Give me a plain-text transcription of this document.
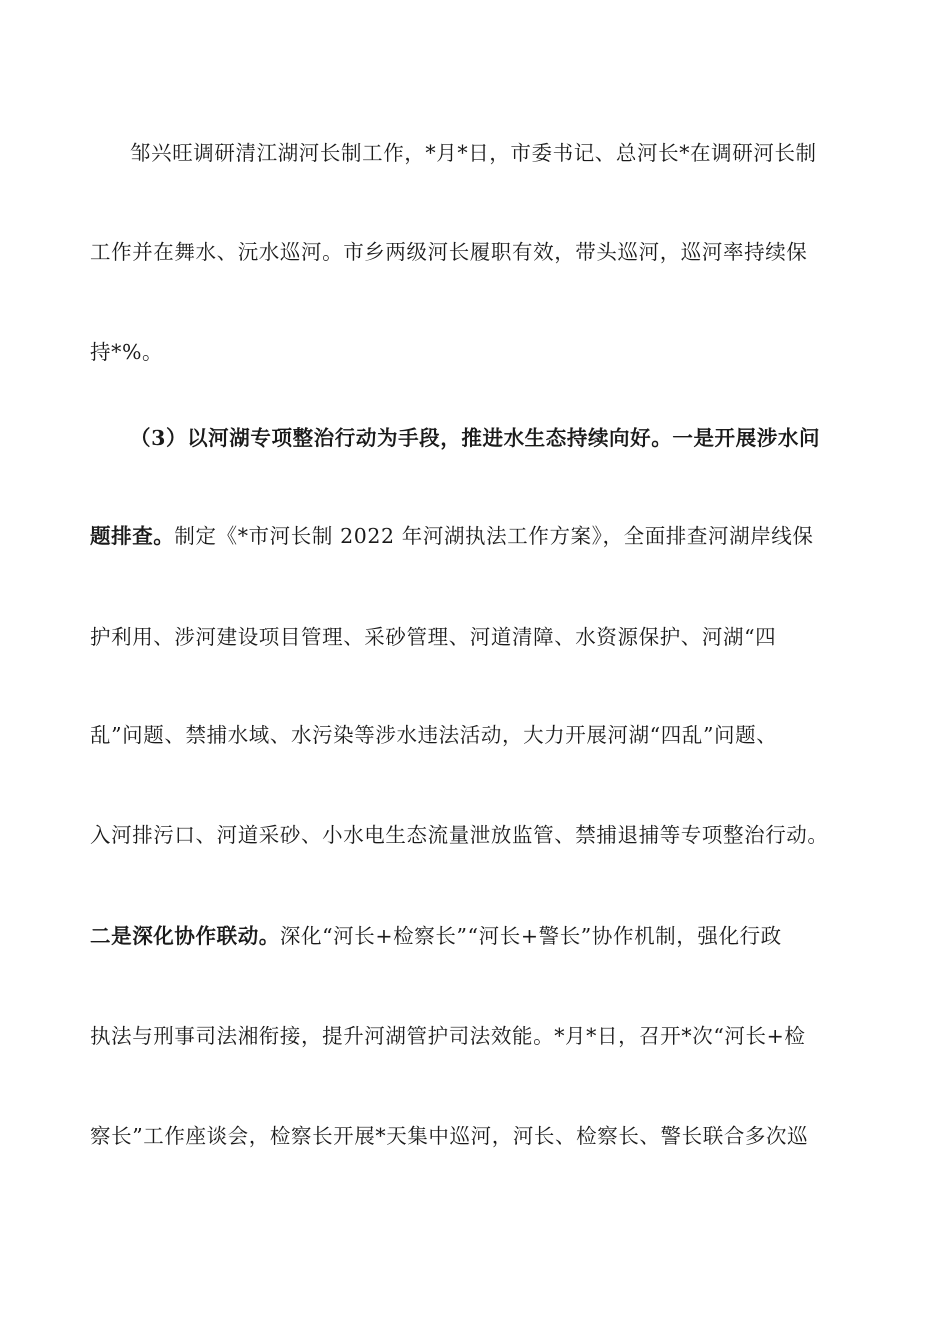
邹兴旺调研清江湖河长制工作，*月*日，市委书记、总河长*在调研河长制
工作并在舞水、沅水巡河。市乡两级河长履职有效，带头巡河，巡河率持续保
持*%。
（3）以河湖专项整治行动为手段，推进水生态持续向好。一是开展涉水问
题排查。制定《*市河长制 2022 年河湖执法工作方案》，全面排查河湖岸线保
护利用、涉河建设项目管理、采砂管理、河道清障、水资源保护、河湖“四
乱”问题、禁捕水域、水污染等涉水违法活动，大力开展河湖“四乱”问题、
入河排污口、河道采砂、小水电生态流量泄放监管、禁捕退捕等专项整治行动。
二是深化协作联动。深化“河长+检察长”“河长+警长”协作机制，强化行政
执法与刑事司法湘衔接，提升河湖管护司法效能。*月*日，召开*次“河长+检
察长”工作座谈会，检察长开展*天集中巡河，河长、检察长、警长联合多次巡
